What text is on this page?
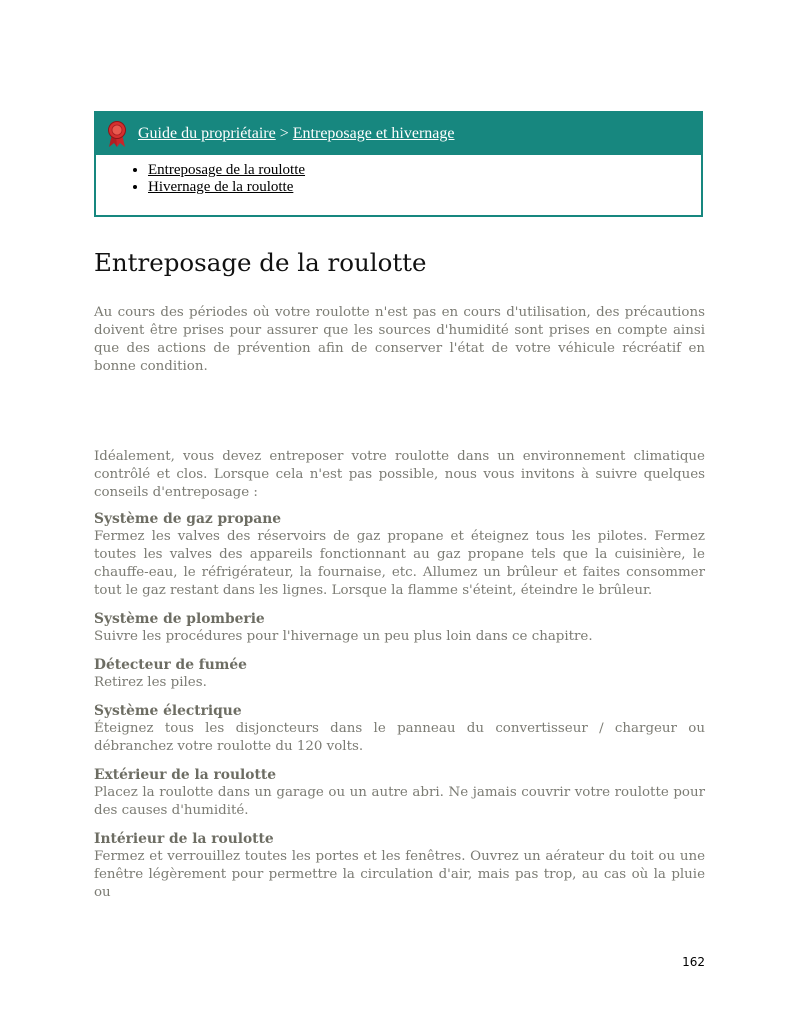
Guide du propriétaire > Entreposage et hivernage
• Entreposage de la roulotte
• Hivernage de la roulotte
Entreposage de la roulotte

Au cours des périodes où votre roulotte n'est pas en cours d'utilisation, des précautions doivent être prises pour assurer que les sources d'humidité sont prises en compte ainsi que des actions de prévention afin de conserver l'état de votre véhicule récréatif en bonne condition.

Idéalement, vous devez entreposer votre roulotte dans un environnement climatique contrôlé et clos. Lorsque cela n'est pas possible, nous vous invitons à suivre quelques conseils d'entreposage :

Système de gaz propane

Fermez les valves des réservoirs de gaz propane et éteignez tous les pilotes. Fermez toutes les valves des appareils fonctionnant au gaz propane tels que la cuisinière, le chauffe-eau, le réfrigérateur, la fournaise, etc. Allumez un brûleur et faites consommer tout le gaz restant dans les lignes. Lorsque la flamme s'éteint, éteindre le brûleur.

Système de plomberie

Suivre les procédures pour l'hivernage un peu plus loin dans ce chapitre.

Détecteur de fumée

Retirez les piles.

Système électrique

Éteignez tous les disjoncteurs dans le panneau du convertisseur / chargeur ou débranchez votre roulotte du 120 volts.

Extérieur de la roulotte

Placez la roulotte dans un garage ou un autre abri. Ne jamais couvrir votre roulotte pour des causes d'humidité.

Intérieur de la roulotte

Fermez et verrouillez toutes les portes et les fenêtres. Ouvrez un aérateur du toit ou une fenêtre légèrement pour permettre la circulation d'air, mais pas trop, au cas où la pluie ou

162
